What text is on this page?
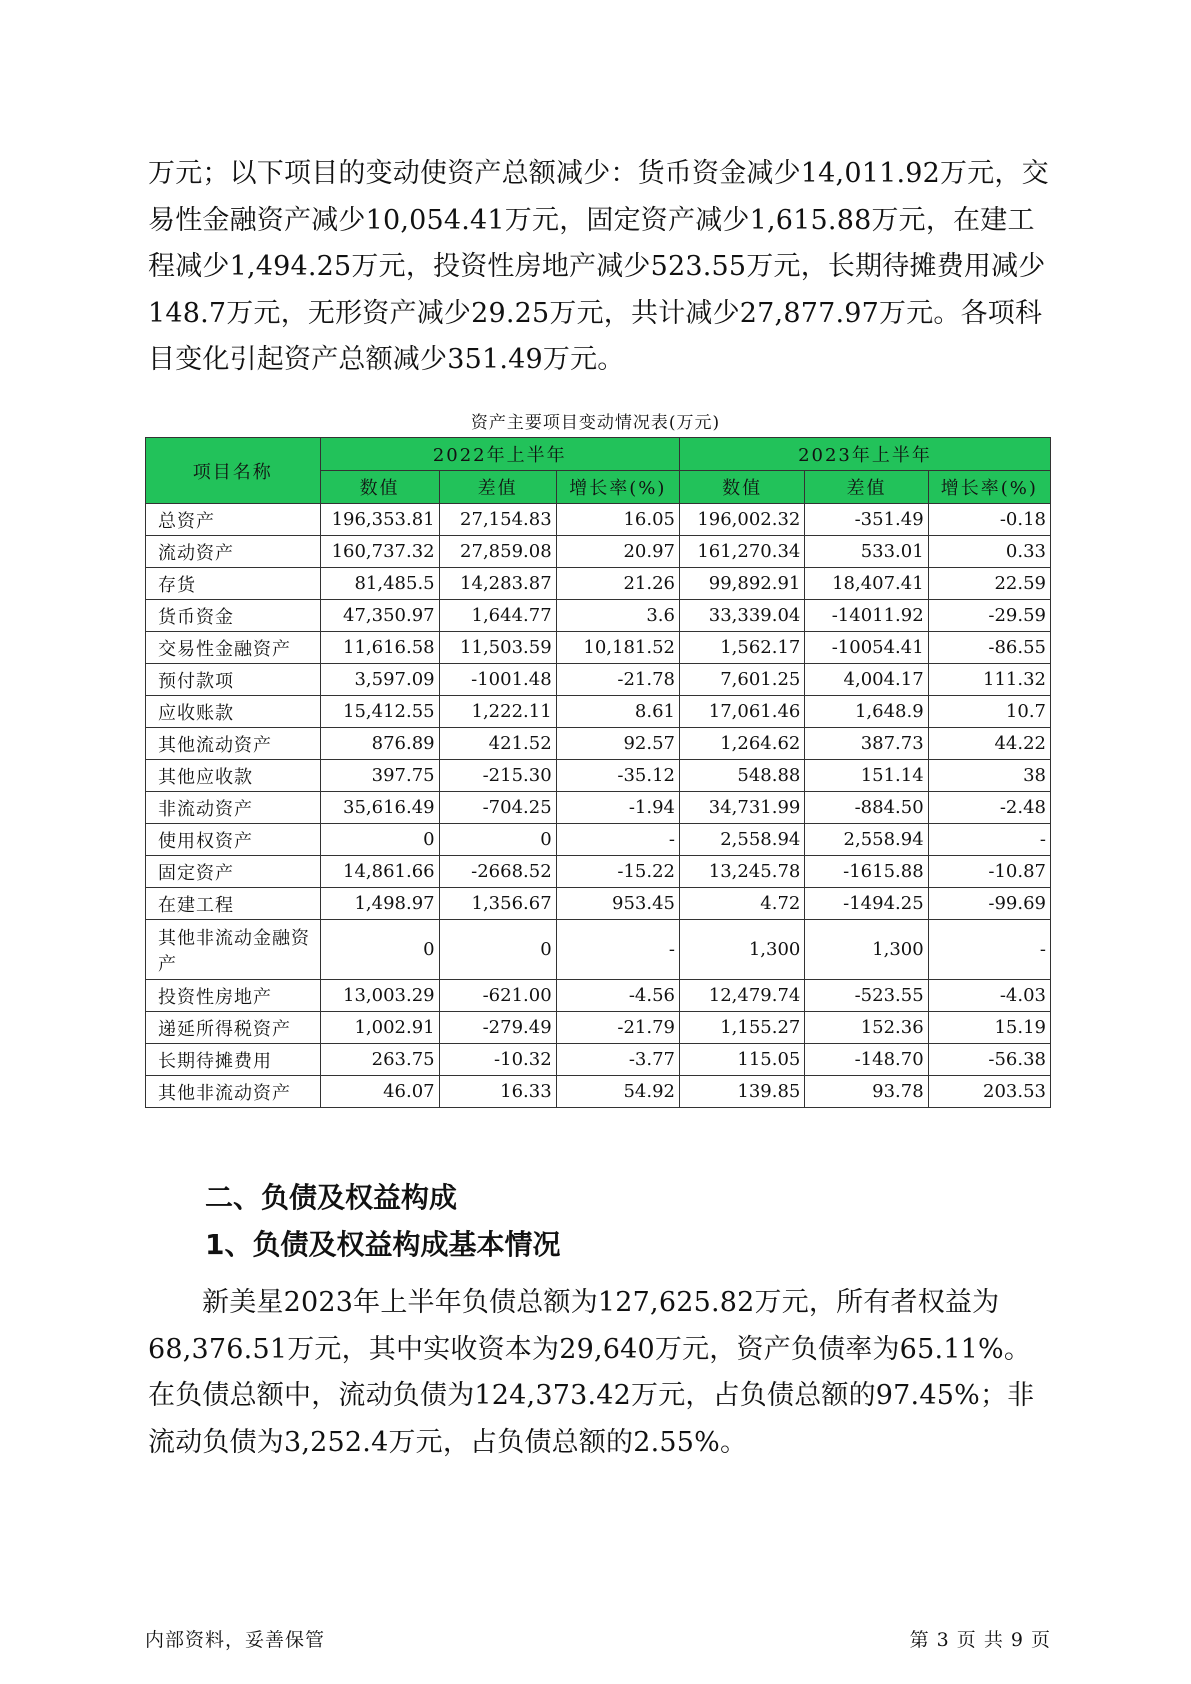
万元；以下项目的变动使资产总额减少：货币资金减少14,011.92万元，交易性金融资产减少10,054.41万元，固定资产减少1,615.88万元，在建工程减少1,494.25万元，投资性房地产减少523.55万元，长期待摊费用减少148.7万元，无形资产减少29.25万元，共计减少27,877.97万元。各项科目变化引起资产总额减少351.49万元。

资产主要项目变动情况表(万元)
项目名称	2022年上半年			2023年上半年		
	数值	差值	增长率(%)	数值	差值	增长率(%)
总资产	196,353.81	27,154.83	16.05	196,002.32	-351.49	-0.18
流动资产	160,737.32	27,859.08	20.97	161,270.34	533.01	0.33
存货	81,485.5	14,283.87	21.26	99,892.91	18,407.41	22.59
货币资金	47,350.97	1,644.77	3.6	33,339.04	-14011.92	-29.59
交易性金融资产	11,616.58	11,503.59	10,181.52	1,562.17	-10054.41	-86.55
预付款项	3,597.09	-1001.48	-21.78	7,601.25	4,004.17	111.32
应收账款	15,412.55	1,222.11	8.61	17,061.46	1,648.9	10.7
其他流动资产	876.89	421.52	92.57	1,264.62	387.73	44.22
其他应收款	397.75	-215.30	-35.12	548.88	151.14	38
非流动资产	35,616.49	-704.25	-1.94	34,731.99	-884.50	-2.48
使用权资产	0	0	-	2,558.94	2,558.94	-
固定资产	14,861.66	-2668.52	-15.22	13,245.78	-1615.88	-10.87
在建工程	1,498.97	1,356.67	953.45	4.72	-1494.25	-99.69
其他非流动金融资产	0	0	-	1,300	1,300	-
投资性房地产	13,003.29	-621.00	-4.56	12,479.74	-523.55	-4.03
递延所得税资产	1,002.91	-279.49	-21.79	1,155.27	152.36	15.19
长期待摊费用	263.75	-10.32	-3.77	115.05	-148.70	-56.38
其他非流动资产	46.07	16.33	54.92	139.85	93.78	203.53
二、负债及权益构成
1、负债及权益构成基本情况

新美星2023年上半年负债总额为127,625.82万元，所有者权益为68,376.51万元，其中实收资本为29,640万元，资产负债率为65.11%。在负债总额中，流动负债为124,373.42万元，占负债总额的97.45%；非流动负债为3,252.4万元，占负债总额的2.55%。

内部资料，妥善保管	第 3 页 共 9 页
